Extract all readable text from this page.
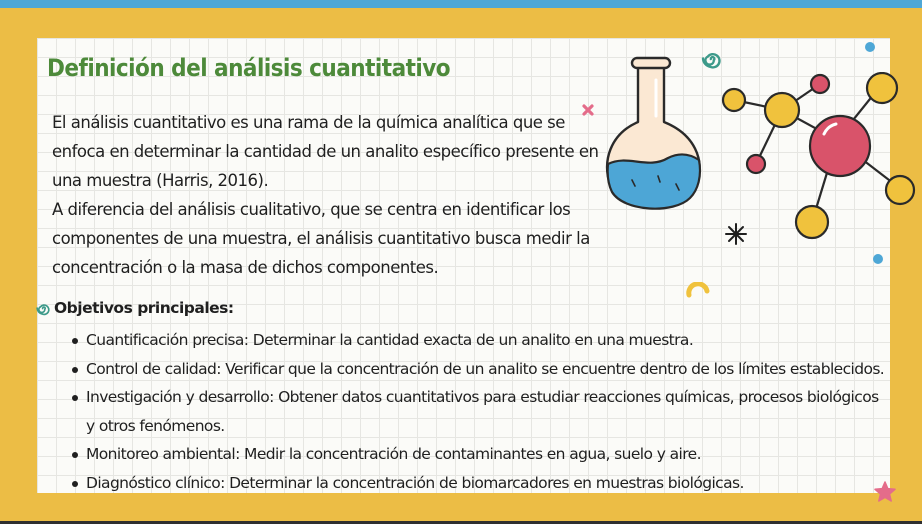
Definición del análisis cuantitativo

El análisis cuantitativo es una rama de la química analítica que se enfoca en determinar la cantidad de un analito específico presente en una muestra (Harris, 2016).

A diferencia del análisis cualitativo, que se centra en identificar los componentes de una muestra, el análisis cuantitativo busca medir la concentración o la masa de dichos componentes.

Objetivos principales:
Cuantificación precisa: Determinar la cantidad exacta de un analito en una muestra.
Control de calidad: Verificar que la concentración de un analito se encuentre dentro de los límites establecidos.
Investigación y desarrollo: Obtener datos cuantitativos para estudiar reacciones químicas, procesos biológicos y otros fenómenos.
Monitoreo ambiental: Medir la concentración de contaminantes en agua, suelo y aire.
Diagnóstico clínico: Determinar la concentración de biomarcadores en muestras biológicas.
